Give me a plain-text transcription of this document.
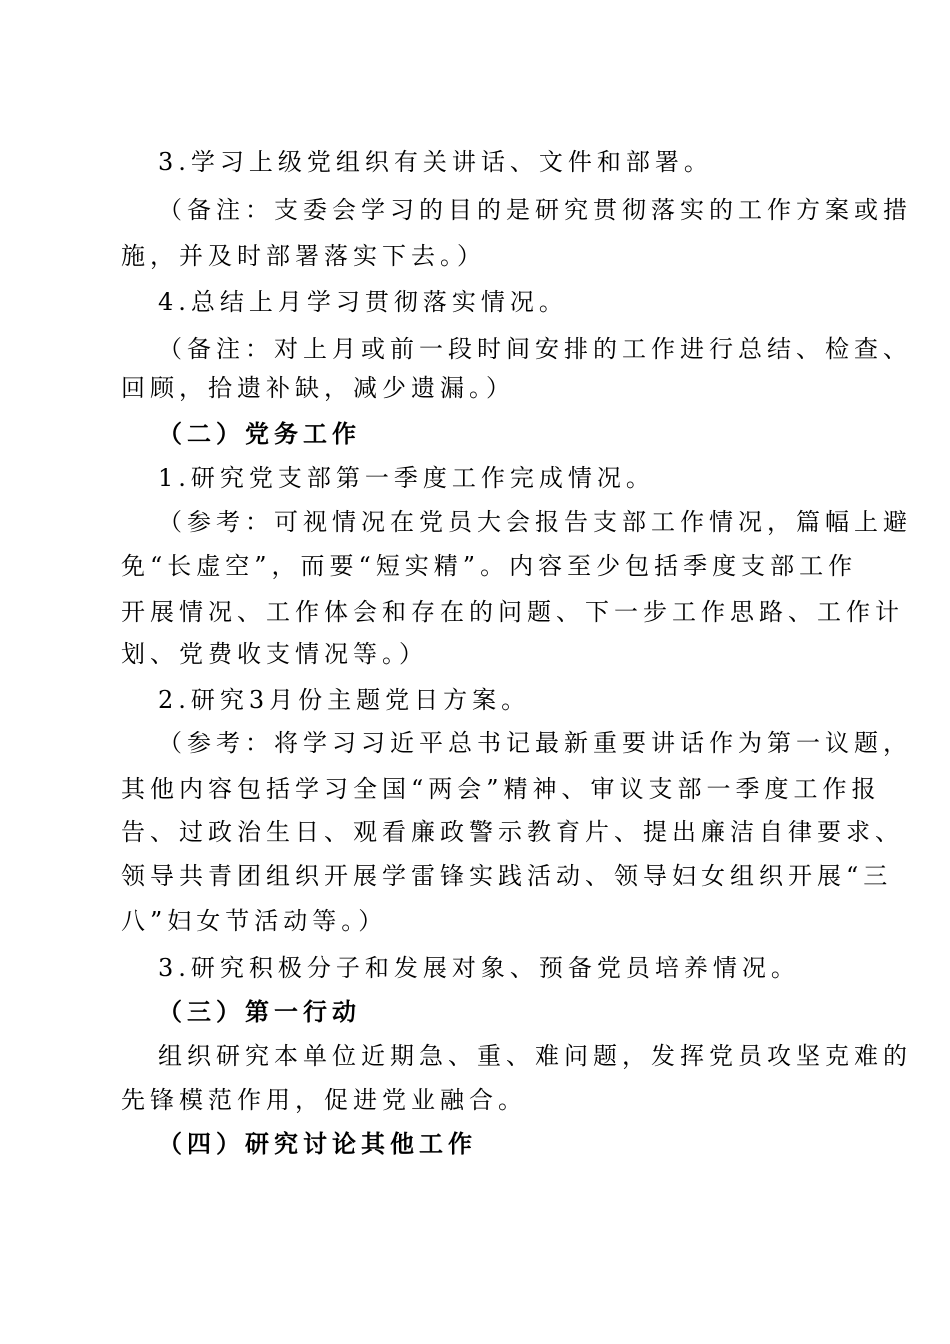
3.学习上级党组织有关讲话、文件和部署。

（备注：支委会学习的目的是研究贯彻落实的工作方案或措

施，并及时部署落实下去。）

4.总结上月学习贯彻落实情况。

（备注：对上月或前一段时间安排的工作进行总结、检查、

回顾，拾遗补缺，减少遗漏。）

（二）党务工作

1.研究党支部第一季度工作完成情况。

（参考：可视情况在党员大会报告支部工作情况，篇幅上避

免“长虚空”，而要“短实精”。内容至少包括季度支部工作

开展情况、工作体会和存在的问题、下一步工作思路、工作计

划、党费收支情况等。）

2.研究3月份主题党日方案。

（参考：将学习习近平总书记最新重要讲话作为第一议题，

其他内容包括学习全国“两会”精神、审议支部一季度工作报

告、过政治生日、观看廉政警示教育片、提出廉洁自律要求、

领导共青团组织开展学雷锋实践活动、领导妇女组织开展“三

八”妇女节活动等。）

3.研究积极分子和发展对象、预备党员培养情况。

（三）第一行动

组织研究本单位近期急、重、难问题，发挥党员攻坚克难的

先锋模范作用，促进党业融合。

（四）研究讨论其他工作
